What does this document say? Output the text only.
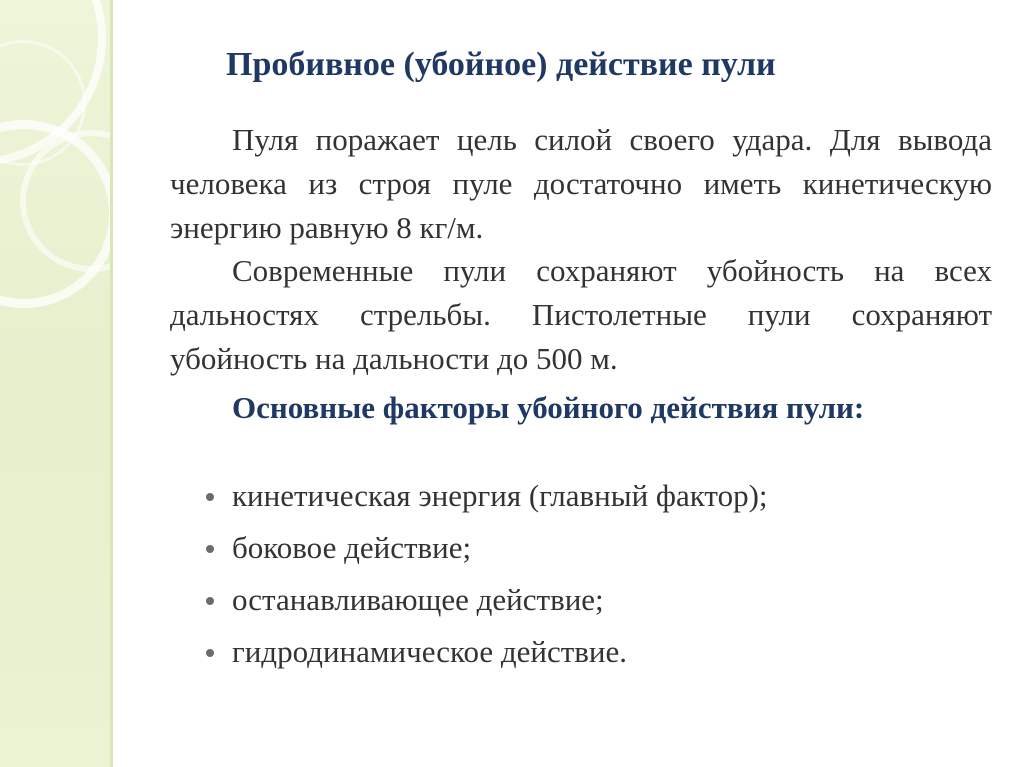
Пробивное (убойное) действие пули

Пуля поражает цель силой своего удара. Для вывода человека из строя пуле достаточно иметь кинетическую энергию равную 8 кг/м.

Современные пули сохраняют убойность на всех дальностях стрельбы. Пистолетные пули сохраняют убойность на дальности до 500 м.

Основные факторы убойного действия пули:

кинетическая энергия (главный фактор);
боковое действие;
останавливающее действие;
гидродинамическое действие.
